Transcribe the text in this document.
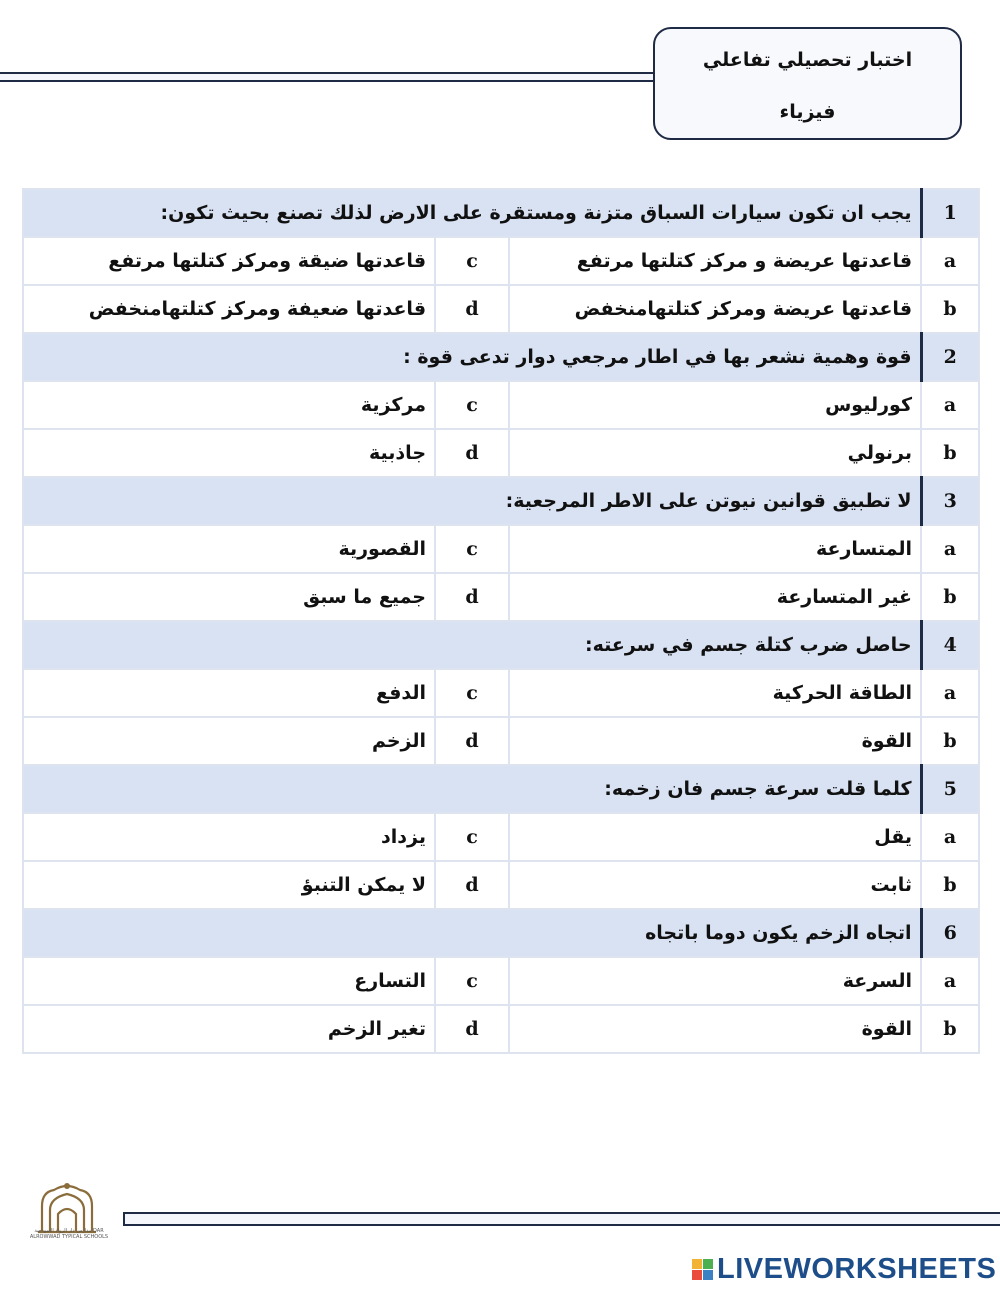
اختبار تحصيلي تفاعلي
فيزياء
1	يجب ان تكون سيارات السباق متزنة ومستقرة على الارض لذلك تصنع بحيث تكون:		
a	قاعدتها عريضة و مركز كتلتها مرتفع	c	قاعدتها ضيقة ومركز كتلتها مرتفع
b	قاعدتها عريضة ومركز كتلتهامنخفض	d	قاعدتها ضعيفة ومركز كتلتهامنخفض
2	قوة وهمية نشعر بها في اطار مرجعي دوار تدعى قوة :		
a	كورليوس	c	مركزية
b	برنولي	d	جاذبية
3	لا تطبيق قوانين نيوتن على الاطر المرجعية:		
a	المتسارعة	c	القصورية
b	غير المتسارعة	d	جميع ما سبق
4	حاصل ضرب كتلة جسم في سرعته:		
a	الطاقة الحركية	c	الدفع
b	القوة	d	الزخم
5	كلما قلت سرعة جسم فان زخمه:		
a	يقل	c	يزداد
b	ثابت	d	لا يمكن التنبؤ
6	اتجاه الزخم يكون دوما باتجاه		
a	السرعة	c	التسارع
b	القوة	d	تغير الزخم
مدارس دار الرواد النموذجية DAR ALROWWAD TYPICAL SCHOOLS
LIVEWORKSHEETS
